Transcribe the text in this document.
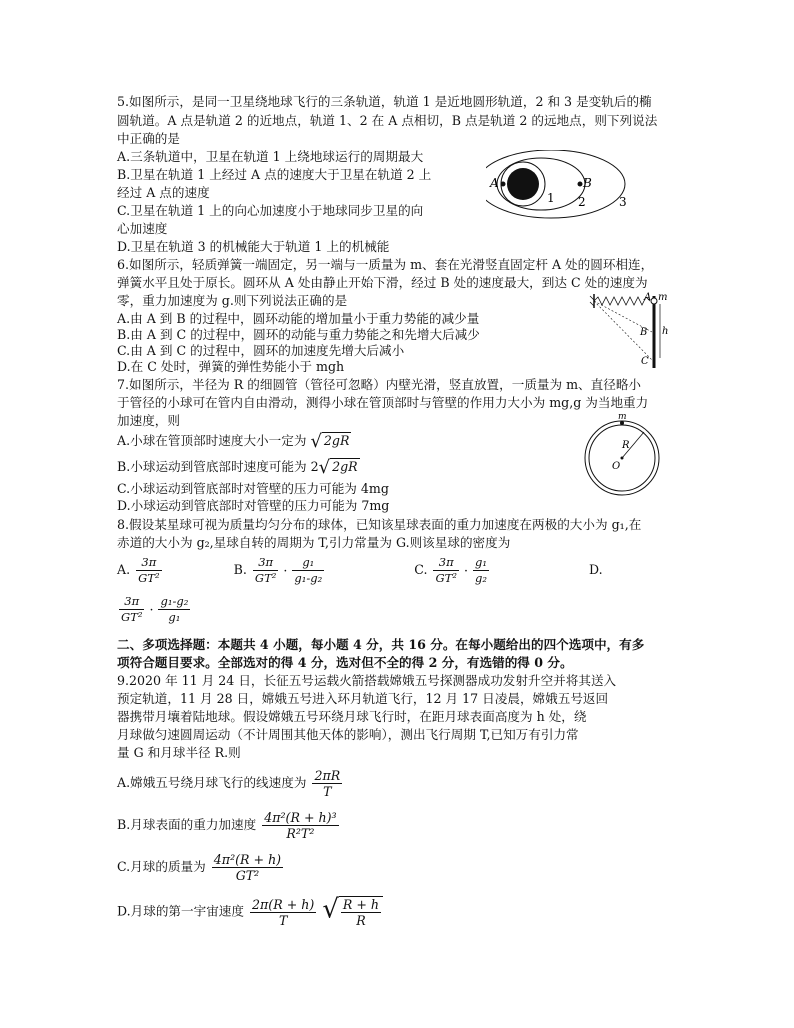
5.如图所示，是同一卫星绕地球飞行的三条轨道，轨道 1 是近地圆形轨道，2 和 3 是变轨后的椭
圆轨道。A 点是轨道 2 的近地点，轨道 1、2 在 A 点相切，B 点是轨道 2 的远地点，则下列说法
中正确的是
A.三条轨道中，卫星在轨道 1 上绕地球运行的周期最大
B.卫星在轨道 1 上经过 A 点的速度大于卫星在轨道 2 上
经过 A 点的速度
C.卫星在轨道 1 上的向心加速度小于地球同步卫星的向
心加速度
D.卫星在轨道 3 的机械能大于轨道 1 上的机械能
A	B
1 2	3
6.如图所示，轻质弹簧一端固定，另一端与一质量为 m、套在光滑竖直固定杆 A 处的圆环相连，
弹簧水平且处于原长。圆环从 A 处由静止开始下滑，经过 B 处的速度最大，到达 C 处的速度为
零，重力加速度为 g.则下列说法正确的是
A.由 A 到 B 的过程中，圆环动能的增加量小于重力势能的减少量
B.由 A 到 C 的过程中，圆环的动能与重力势能之和先增大后减少
C.由 A 到 C 的过程中，圆环的加速度先增大后减小
D.在 C 处时，弹簧的弹性势能小于 mgh
A m
B h
C
7.如图所示，半径为 R 的细圆管（管径可忽略）内壁光滑，竖直放置，一质量为 m、直径略小
于管径的小球可在管内自由滑动，测得小球在管顶部时与管壁的作用力大小为 mg,g 为当地重力
加速度，则
A.小球在管顶部时速度大小一定为 √ 2gR
B.小球运动到管底部时速度可能为 2√ 2gR
C.小球运动到管底部时对管壁的压力可能为 4mg
D.小球运动到管底部时对管壁的压力可能为 7mg
m
R
O
8.假设某星球可视为质量均匀分布的球体，已知该星球表面的重力加速度在两极的大小为 g₁,在
赤道的大小为 g₂,星球自转的周期为 T,引力常量为 G.则该星球的密度为
A. $\frac{3\pi}{\text{GT²}}$	B. $\frac{3\pi}{\text{GT²}} \cdot \frac{\text{g₁}}{\text{g₁-g₂}}$	C. $\frac{3\pi}{\text{GT²}} \cdot \frac{\text{g₁}}{\text{g₂}}$	D.
$\frac{3\pi}{\text{GT²}} \cdot \frac{\text{g₁-g₂}}{\text{g₁}}$
二、多项选择题：本题共 4 小题，每小题 4 分，共 16 分。在每小题给出的四个选项中，有多
项符合题目要求。全部选对的得 4 分，选对但不全的得 2 分，有选错的得 0 分。
9.2020 年 11 月 24 日，长征五号运载火箭搭载嫦娥五号探测器成功发射升空并将其送入
预定轨道，11 月 28 日，嫦娥五号进入环月轨道飞行，12 月 17 日凌晨，嫦娥五号返回
器携带月壤着陆地球。假设嫦娥五号环绕月球飞行时，在距月球表面高度为 h 处，绕
月球做匀速圆周运动（不计周围其他天体的影响），测出飞行周期 T,已知万有引力常
量 G 和月球半径 R.则
A.嫦娥五号绕月球飞行的线速度为 $\frac{2\pi R}{T}$
B.月球表面的重力加速度 $\frac{\text{4π²(R + h)³}}{\text{R²T²}}$
C.月球的质量为 $\frac{\text{4π²(R + h)}}{\text{GT²}}$
D.月球的第一宇宙速度 $\frac{2\pi(R + h)}{T}$ √ $\frac{R + h}{R}$
